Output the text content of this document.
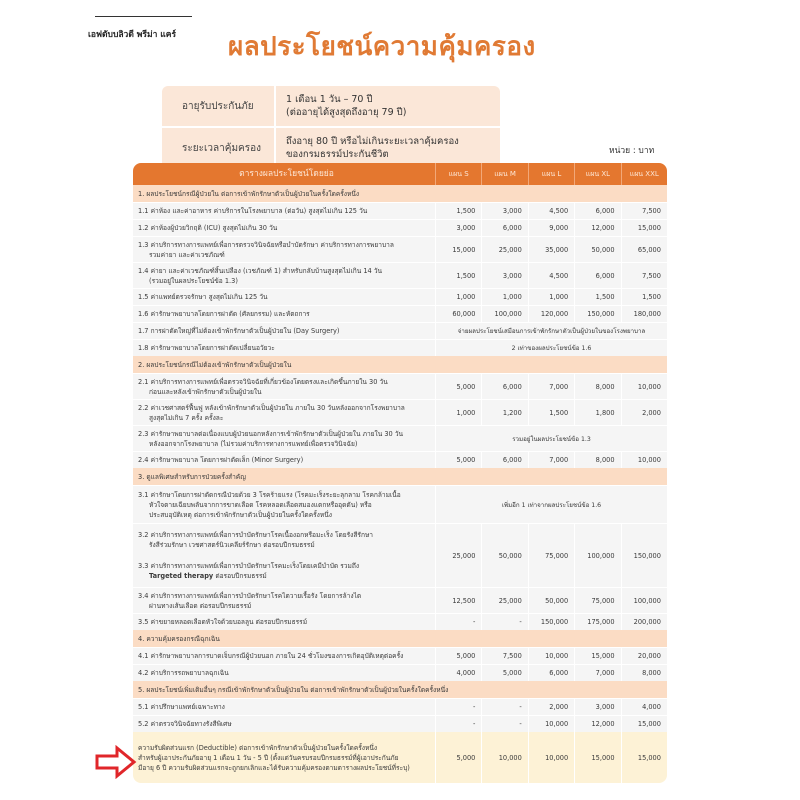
เอฟดับบลิวดี พรีม่า แคร์ ผลประโยชน์ความคุ้มครอง
อายุรับประกันภัย
1 เดือน 1 วัน – 70 ปี
(ต่ออายุได้สูงสุดถึงอายุ 79 ปี)
ระยะเวลาคุ้มครอง
ถึงอายุ 80 ปี หรือไม่เกินระยะเวลาคุ้มครอง
ของกรมธรรม์ประกันชีวิต	หน่วย : บาท
ตารางผลประโยชน์โดยย่อ	แผน S	แผน M	แผน L	แผน XL	แผน XXL
1. ผลประโยชน์กรณีผู้ป่วยใน ต่อการเข้าพักรักษาตัวเป็นผู้ป่วยในครั้งใดครั้งหนึ่ง
1.1 ค่าห้อง และค่าอาหาร ค่าบริการในโรงพยาบาล (ต่อวัน) สูงสุดไม่เกิน 125 วัน	1,500	3,000	4,500	6,000	7,500
1.2 ค่าห้องผู้ป่วยวิกฤติ (ICU) สูงสุดไม่เกิน 30 วัน	3,000	6,000	9,000	12,000	15,000
1.3 ค่าบริการทางการแพทย์เพื่อการตรวจวินิจฉัยหรือบำบัดรักษา ค่าบริการทางการพยาบาล
รวมค่ายา และค่าเวชภัณฑ์
15,000	25,000	35,000	50,000	65,000
1.4 ค่ายา และค่าเวชภัณฑ์สิ้นเปลือง (เวชภัณฑ์ 1) สำหรับกลับบ้านสูงสุดไม่เกิน 14 วัน
(รวมอยู่ในผลประโยชน์ข้อ 1.3)
1,500	3,000	4,500	6,000	7,500
1.5 ค่าแพทย์ตรวจรักษา สูงสุดไม่เกิน 125 วัน	1,000	1,000	1,000	1,500	1,500
1.6 ค่ารักษาพยาบาลโดยการผ่าตัด (ศัลยกรรม) และหัตถการ	60,000	100,000	120,000	150,000	180,000
1.7 การผ่าตัดใหญ่ที่ไม่ต้องเข้าพักรักษาตัวเป็นผู้ป่วยใน (Day Surgery)	จ่ายผลประโยชน์เสมือนการเข้าพักรักษาตัวเป็นผู้ป่วยในของโรงพยาบาล
1.8 ค่ารักษาพยาบาลโดยการผ่าตัดเปลี่ยนอวัยวะ	2 เท่าของผลประโยชน์ข้อ 1.6
2. ผลประโยชน์กรณีไม่ต้องเข้าพักรักษาตัวเป็นผู้ป่วยใน
2.1 ค่าบริการทางการแพทย์เพื่อตรวจวินิจฉัยที่เกี่ยวข้องโดยตรงและเกิดขึ้นภายใน 30 วัน
ก่อนและหลังเข้าพักรักษาตัวเป็นผู้ป่วยใน
5,000	6,000	7,000	8,000	10,000
2.2 ค่าเวชศาสตร์ฟื้นฟู หลังเข้าพักรักษาตัวเป็นผู้ป่วยใน ภายใน 30 วันหลังออกจากโรงพยาบาล
สูงสุดไม่เกิน 7 ครั้ง ครั้งละ
1,000	1,200	1,500	1,800	2,000
2.3 ค่ารักษาพยาบาลต่อเนื่องแบบผู้ป่วยนอกหลังการเข้าพักรักษาตัวเป็นผู้ป่วยใน ภายใน 30 วัน
หลังออกจากโรงพยาบาล (ไม่รวมค่าบริการทางการแพทย์เพื่อตรวจวินิจฉัย)
รวมอยู่ในผลประโยชน์ข้อ 1.3
2.4 ค่ารักษาพยาบาล โดยการผ่าตัดเล็ก (Minor Surgery)	5,000	6,000	7,000	8,000	10,000
3. ดูแลพิเศษสำหรับการป่วยครั้งสำคัญ
3.1 ค่ารักษาโดยการผ่าตัดกรณีป่วยด้วย 3 โรคร้ายแรง (โรคมะเร็งระยะลุกลาม โรคกล้ามเนื้อ
หัวใจตายเฉียบพลันจากการขาดเลือด โรคหลอดเลือดสมองแตกหรืออุดตัน) หรือ
ประสบอุบัติเหตุ ต่อการเข้าพักรักษาตัวเป็นผู้ป่วยในครั้งใดครั้งหนึ่ง
เพิ่มอีก 1 เท่าจากผลประโยชน์ข้อ 1.6
3.2 ค่าบริการทางการแพทย์เพื่อการบำบัดรักษาโรคเนื้องอกหรือมะเร็ง โดยรังสีรักษา
รังสีร่วมรักษา เวชศาสตร์นิวเคลียร์รักษา ต่อรอบปีกรมธรรม์
3.3 ค่าบริการทางการแพทย์เพื่อการบำบัดรักษาโรคมะเร็งโดยเคมีบำบัด รวมถึง
Targeted therapy ต่อรอบปีกรมธรรม์
25,000	50,000	75,000	100,000	150,000
3.4 ค่าบริการทางการแพทย์เพื่อการบำบัดรักษาโรคไตวายเรื้อรัง โดยการล้างไต
ผ่านทางเส้นเลือด ต่อรอบปีกรมธรรม์
12,500	25,000	50,000	75,000	100,000
3.5 ค่าขยายหลอดเลือดหัวใจด้วยบอลลูน ต่อรอบปีกรมธรรม์	-	-	150,000	175,000	200,000
4. ความคุ้มครองกรณีฉุกเฉิน
4.1 ค่ารักษาพยาบาลการบาดเจ็บกรณีผู้ป่วยนอก ภายใน 24 ชั่วโมงของการเกิดอุบัติเหตุต่อครั้ง	5,000	7,500	10,000	15,000	20,000
4.2 ค่าบริการรถพยาบาลฉุกเฉิน	4,000	5,000	6,000	7,000	8,000
5. ผลประโยชน์เพิ่มเติมอื่นๆ กรณีเข้าพักรักษาตัวเป็นผู้ป่วยใน ต่อการเข้าพักรักษาตัวเป็นผู้ป่วยในครั้งใดครั้งหนึ่ง
5.1 ค่าปรึกษาแพทย์เฉพาะทาง	-	-	2,000	3,000	4,000
5.2 ค่าตรวจวินิจฉัยทางรังสีพิเศษ	-	-	10,000	12,000	15,000
ความรับผิดส่วนแรก (Deductible) ต่อการเข้าพักรักษาตัวเป็นผู้ป่วยในครั้งใดครั้งหนึ่ง
สำหรับผู้เอาประกันภัยอายุ 1 เดือน 1 วัน - 5 ปี (ตั้งแต่วันครบรอบปีกรมธรรม์ที่ผู้เอาประกันภัย
มีอายุ 6 ปี ความรับผิดส่วนแรกจะถูกยกเลิกและได้รับความคุ้มครองตามตารางผลประโยชน์ที่ระบุ)
5,000	10,000	10,000	15,000	15,000
